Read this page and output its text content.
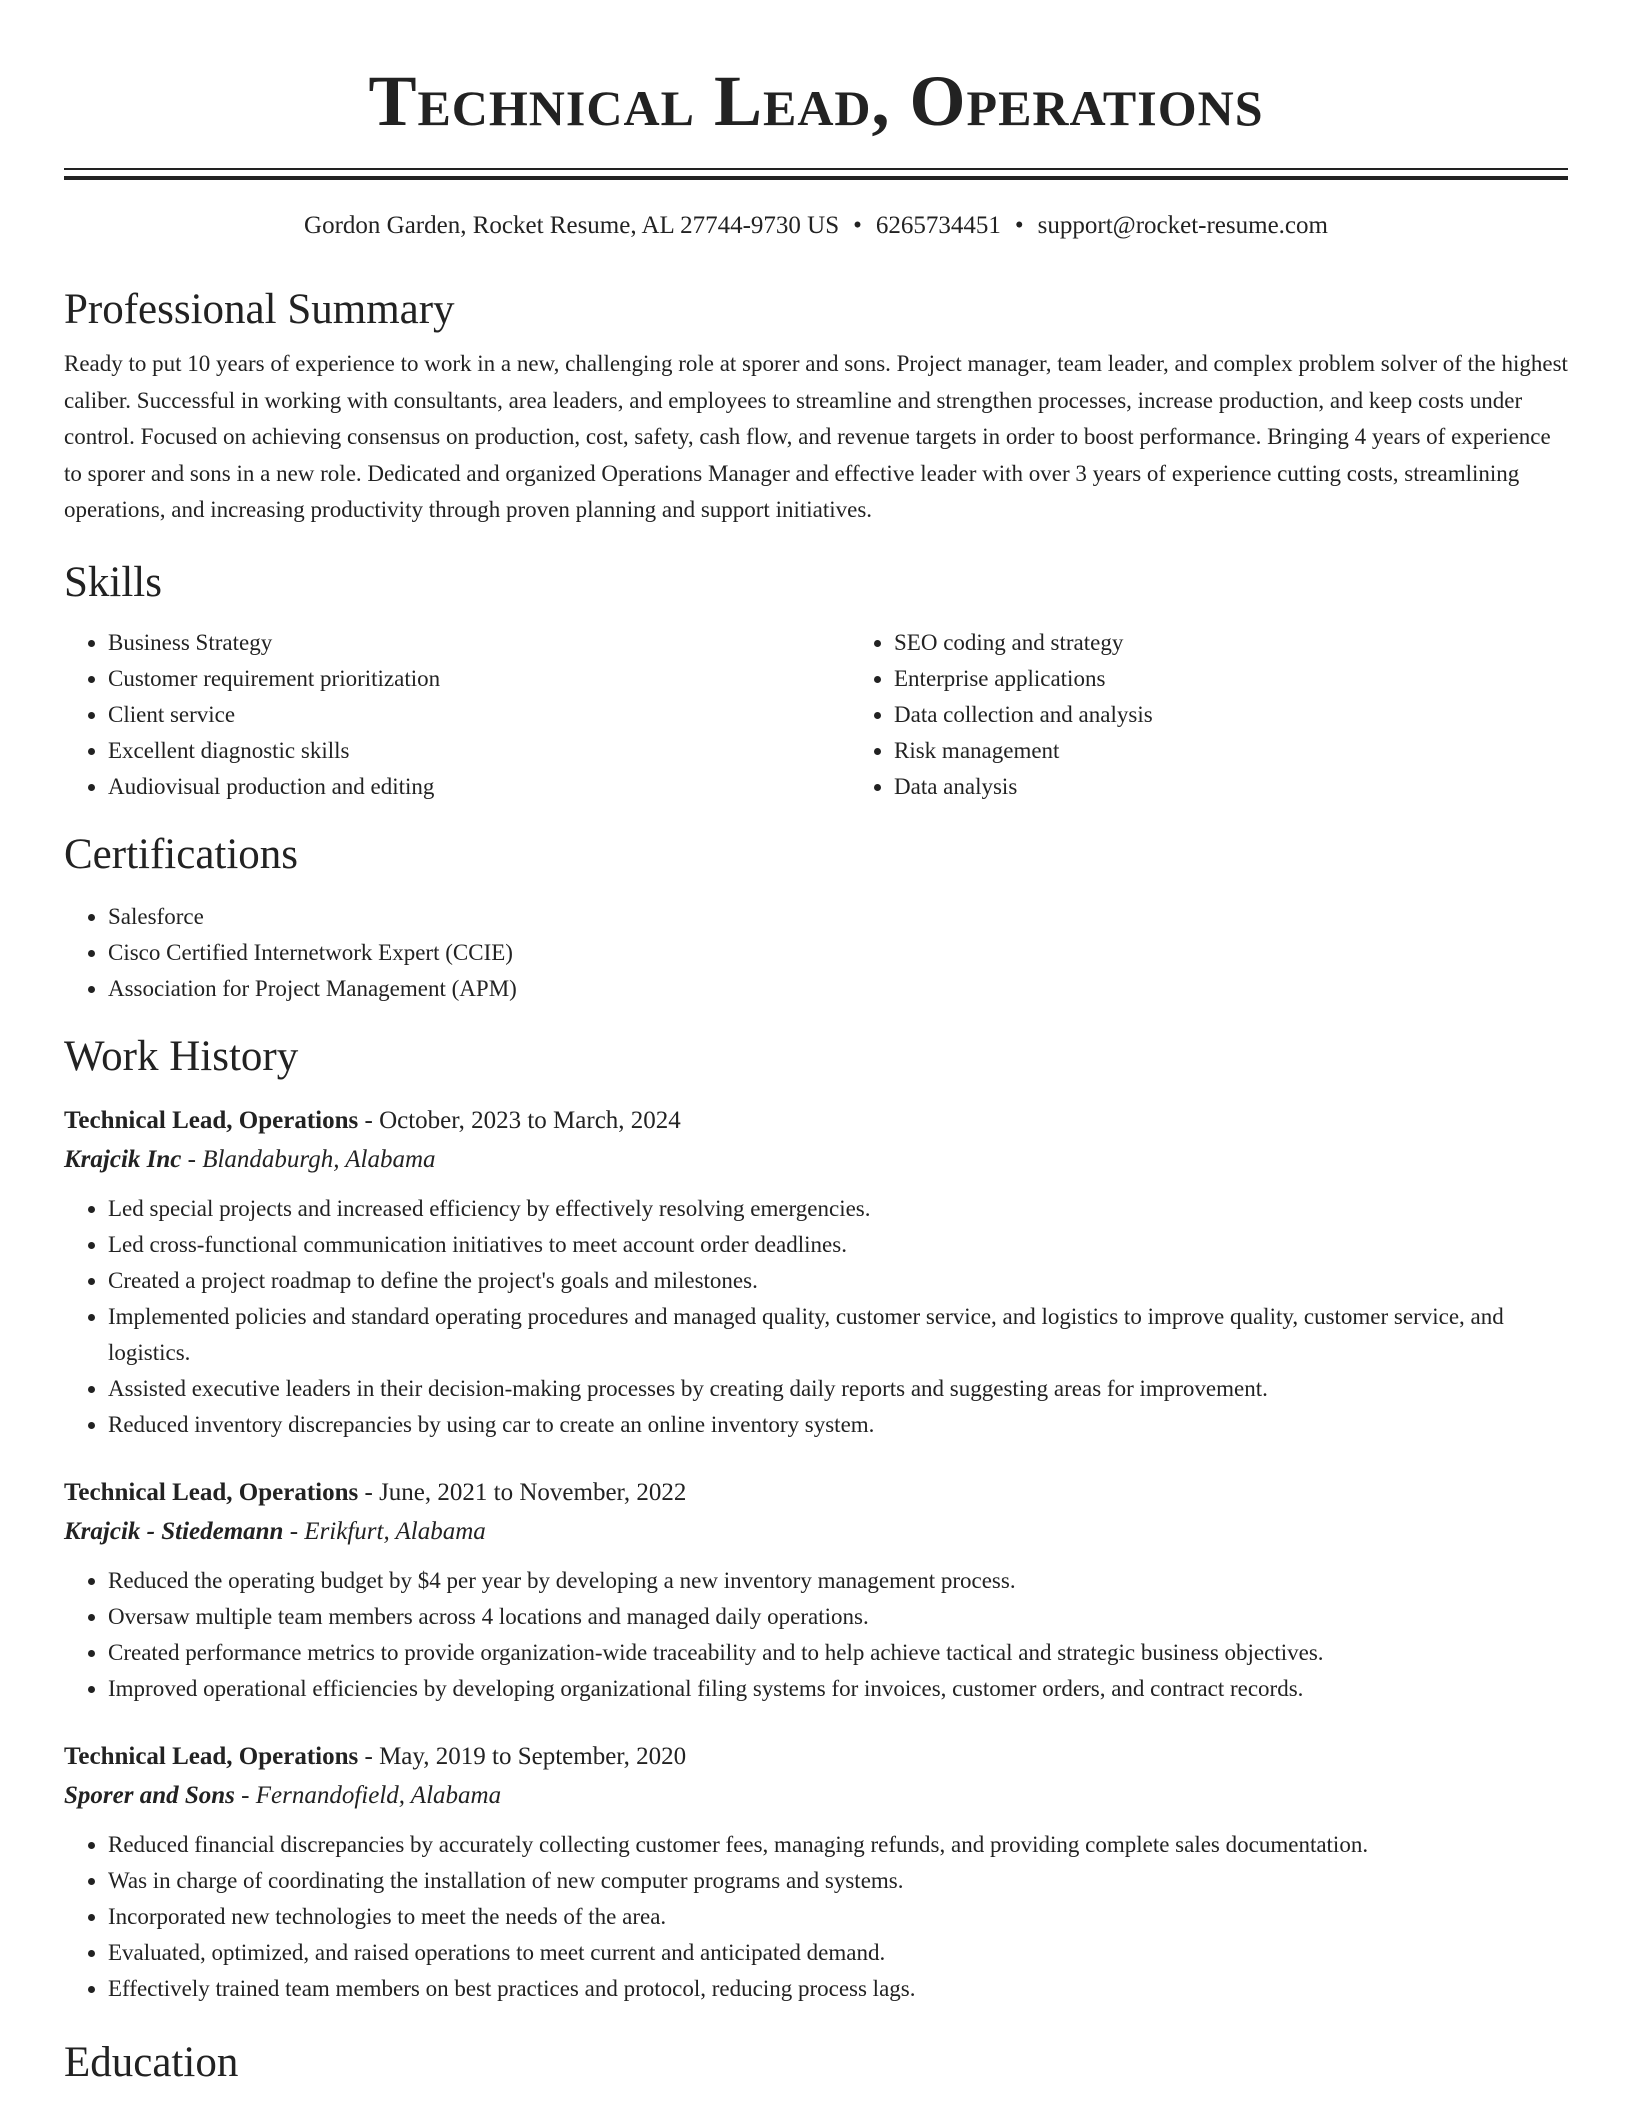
Technical Lead, Operations
Gordon Garden, Rocket Resume, AL 27744-9730 US • 6265734451 • support@rocket-resume.com
Professional Summary

Ready to put 10 years of experience to work in a new, challenging role at sporer and sons. Project manager, team leader, and complex problem solver of the highest caliber. Successful in working with consultants, area leaders, and employees to streamline and strengthen processes, increase production, and keep costs under control. Focused on achieving consensus on production, cost, safety, cash flow, and revenue targets in order to boost performance. Bringing 4 years of experience to sporer and sons in a new role. Dedicated and organized Operations Manager and effective leader with over 3 years of experience cutting costs, streamlining operations, and increasing productivity through proven planning and support initiatives.

Skills
• Business Strategy
• Customer requirement prioritization
• Client service
• Excellent diagnostic skills
• Audiovisual production and editing
• SEO coding and strategy
• Enterprise applications
• Data collection and analysis
• Risk management
• Data analysis
Certifications
• Salesforce
• Cisco Certified Internetwork Expert (CCIE)
• Association for Project Management (APM)
Work History
Technical Lead, Operations - October, 2023 to March, 2024
Krajcik Inc - Blandaburgh, Alabama
• Led special projects and increased efficiency by effectively resolving emergencies.
• Led cross-functional communication initiatives to meet account order deadlines.
• Created a project roadmap to define the project's goals and milestones.
• Implemented policies and standard operating procedures and managed quality, customer service, and logistics to improve quality, customer service, and logistics.
• Assisted executive leaders in their decision-making processes by creating daily reports and suggesting areas for improvement.
• Reduced inventory discrepancies by using car to create an online inventory system.
Technical Lead, Operations - June, 2021 to November, 2022
Krajcik - Stiedemann - Erikfurt, Alabama
• Reduced the operating budget by $4 per year by developing a new inventory management process.
• Oversaw multiple team members across 4 locations and managed daily operations.
• Created performance metrics to provide organization-wide traceability and to help achieve tactical and strategic business objectives.
• Improved operational efficiencies by developing organizational filing systems for invoices, customer orders, and contract records.
Technical Lead, Operations - May, 2019 to September, 2020
Sporer and Sons - Fernandofield, Alabama
• Reduced financial discrepancies by accurately collecting customer fees, managing refunds, and providing complete sales documentation.
• Was in charge of coordinating the installation of new computer programs and systems.
• Incorporated new technologies to meet the needs of the area.
• Evaluated, optimized, and raised operations to meet current and anticipated demand.
• Effectively trained team members on best practices and protocol, reducing process lags.
Education
